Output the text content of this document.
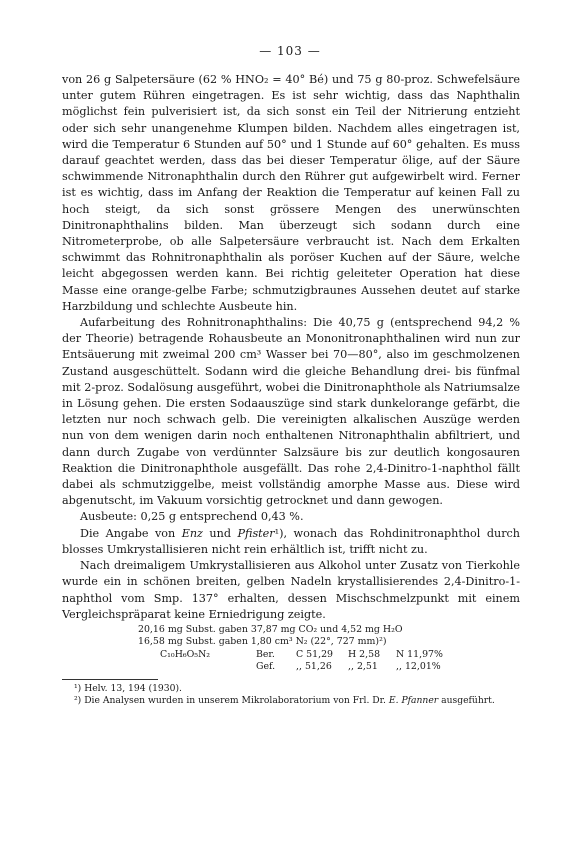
— 103 —

von 26 g Salpetersäure (62 % HNO₂ = 40° Bé) und 75 g 80-proz. Schwefelsäure unter gutem Rühren eingetragen. Es ist sehr wichtig, dass das Naphthalin möglichst fein pulverisiert ist, da sich sonst ein Teil der Nitrierung entzieht oder sich sehr unangenehme Klumpen bilden. Nachdem alles eingetragen ist, wird die Temperatur 6 Stunden auf 50° und 1 Stunde auf 60° gehalten. Es muss darauf geachtet werden, dass das bei dieser Temperatur ölige, auf der Säure schwimmende Nitronaphthalin durch den Rührer gut aufgewirbelt wird. Ferner ist es wichtig, dass im Anfang der Reaktion die Temperatur auf keinen Fall zu hoch steigt, da sich sonst grössere Mengen des unerwünschten Dinitronaphthalins bilden. Man überzeugt sich sodann durch eine Nitrometerprobe, ob alle Salpetersäure verbraucht ist. Nach dem Erkalten schwimmt das Rohnitronaphthalin als poröser Kuchen auf der Säure, welche leicht abgegossen werden kann. Bei richtig geleiteter Operation hat diese Masse eine orange-gelbe Farbe; schmutzigbraunes Aussehen deutet auf starke Harzbildung und schlechte Ausbeute hin.

Aufarbeitung des Rohnitronaphthalins: Die 40,75 g (entsprechend 94,2 % der Theorie) betragende Rohausbeute an Mononitronaphthalinen wird nun zur Entsäuerung mit zweimal 200 cm³ Wasser bei 70—80°, also im geschmolzenen Zustand ausgeschüttelt. Sodann wird die gleiche Behandlung drei- bis fünfmal mit 2-proz. Sodalösung ausgeführt, wobei die Dinitronaphthole als Natriumsalze in Lösung gehen. Die ersten Sodaauszüge sind stark dunkelorange gefärbt, die letzten nur noch schwach gelb. Die vereinigten alkalischen Auszüge werden nun von dem wenigen darin noch enthaltenen Nitronaphthalin abfiltriert, und dann durch Zugabe von verdünnter Salzsäure bis zur deutlich kongosauren Reaktion die Dinitronaphthole ausgefällt. Das rohe 2,4-Dinitro-1-naphthol fällt dabei als schmutziggelbe, meist vollständig amorphe Masse aus. Diese wird abgenutscht, im Vakuum vorsichtig getrocknet und dann gewogen.

Ausbeute: 0,25 g entsprechend 0,43 %.

Die Angabe von Enz und Pfister¹), wonach das Rohdinitronaphthol durch blosses Umkrystallisieren nicht rein erhältlich ist, trifft nicht zu.

Nach dreimaligem Umkrystallisieren aus Alkohol unter Zusatz von Tierkohle wurde ein in schönen breiten, gelben Nadeln krystallisierendes 2,4-Dinitro-1-naphthol vom Smp. 137° erhalten, dessen Mischschmelzpunkt mit einem Vergleichspräparat keine Erniedrigung zeigte.

20,16 mg Subst. gaben 37,87 mg CO₂ und 4,52 mg H₂O
16,58 mg Subst. gaben 1,80 cm³ N₂ (22°, 727 mm)²)
C₁₀H₆O₅N₂	Ber. C 51,29 H 2,58 N 11,97%
Gef. ,, 51,26 ,, 2,51 ,, 12,01%

¹) Helv. 13, 194 (1930).

²) Die Analysen wurden in unserem Mikrolaboratorium von Frl. Dr. E. Pfanner ausgeführt.
